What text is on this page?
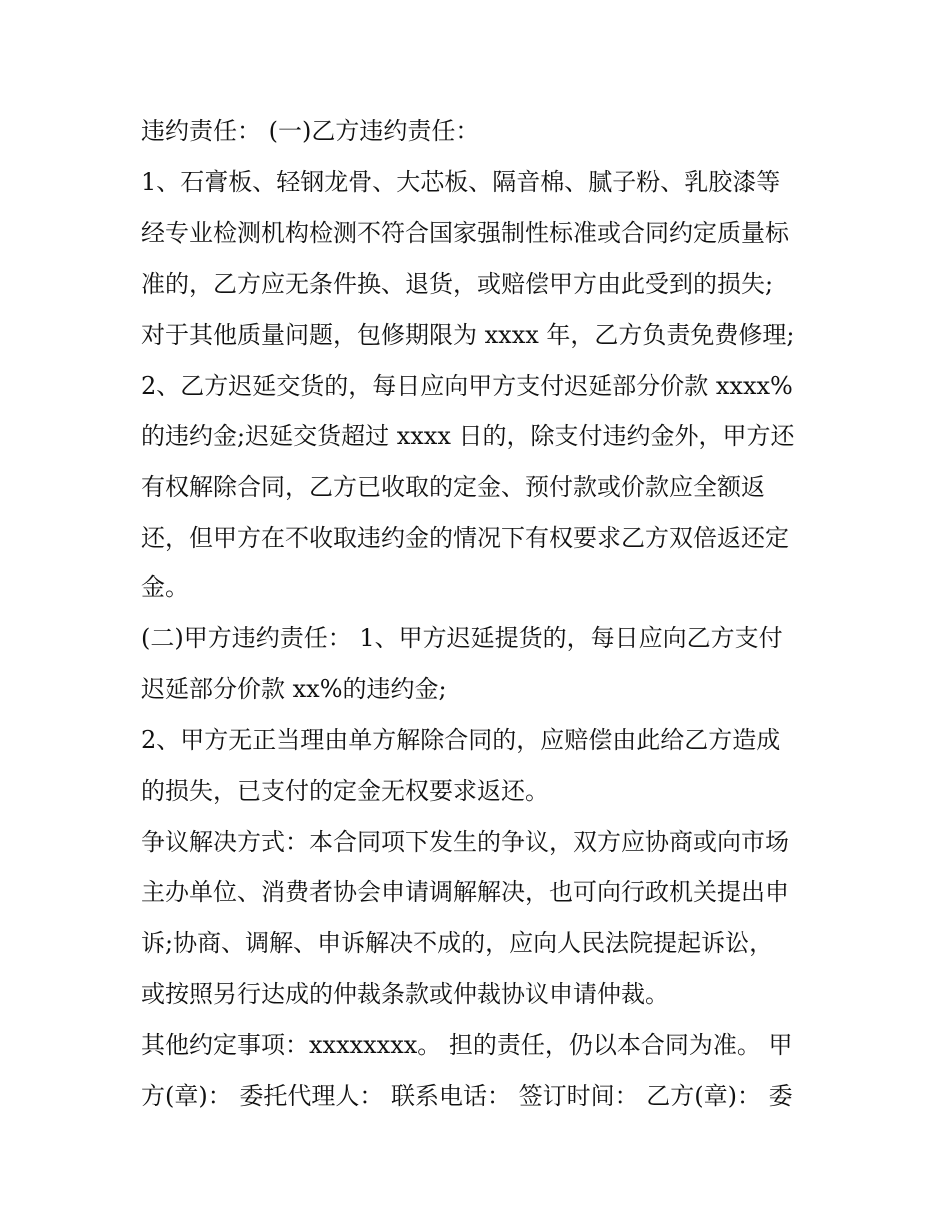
违约责任： (一)乙方违约责任：
1、石膏板、轻钢龙骨、大芯板、隔音棉、腻子粉、乳胶漆等
经专业检测机构检测不符合国家强制性标准或合同约定质量标
准的，乙方应无条件换、退货，或赔偿甲方由此受到的损失;
对于其他质量问题，包修期限为 xxxx 年，乙方负责免费修理;
2、乙方迟延交货的，每日应向甲方支付迟延部分价款 xxxx%
的违约金;迟延交货超过 xxxx 日的，除支付违约金外，甲方还
有权解除合同，乙方已收取的定金、预付款或价款应全额返
还，但甲方在不收取违约金的情况下有权要求乙方双倍返还定
金。
(二)甲方违约责任： 1、甲方迟延提货的，每日应向乙方支付
迟延部分价款 xx%的违约金;
2、甲方无正当理由单方解除合同的，应赔偿由此给乙方造成
的损失，已支付的定金无权要求返还。
争议解决方式：本合同项下发生的争议，双方应协商或向市场
主办单位、消费者协会申请调解解决，也可向行政机关提出申
诉;协商、调解、申诉解决不成的，应向人民法院提起诉讼，
或按照另行达成的仲裁条款或仲裁协议申请仲裁。
其他约定事项：xxxxxxxx。 担的责任，仍以本合同为准。 甲
方(章)： 委托代理人： 联系电话： 签订时间： 乙方(章)： 委
